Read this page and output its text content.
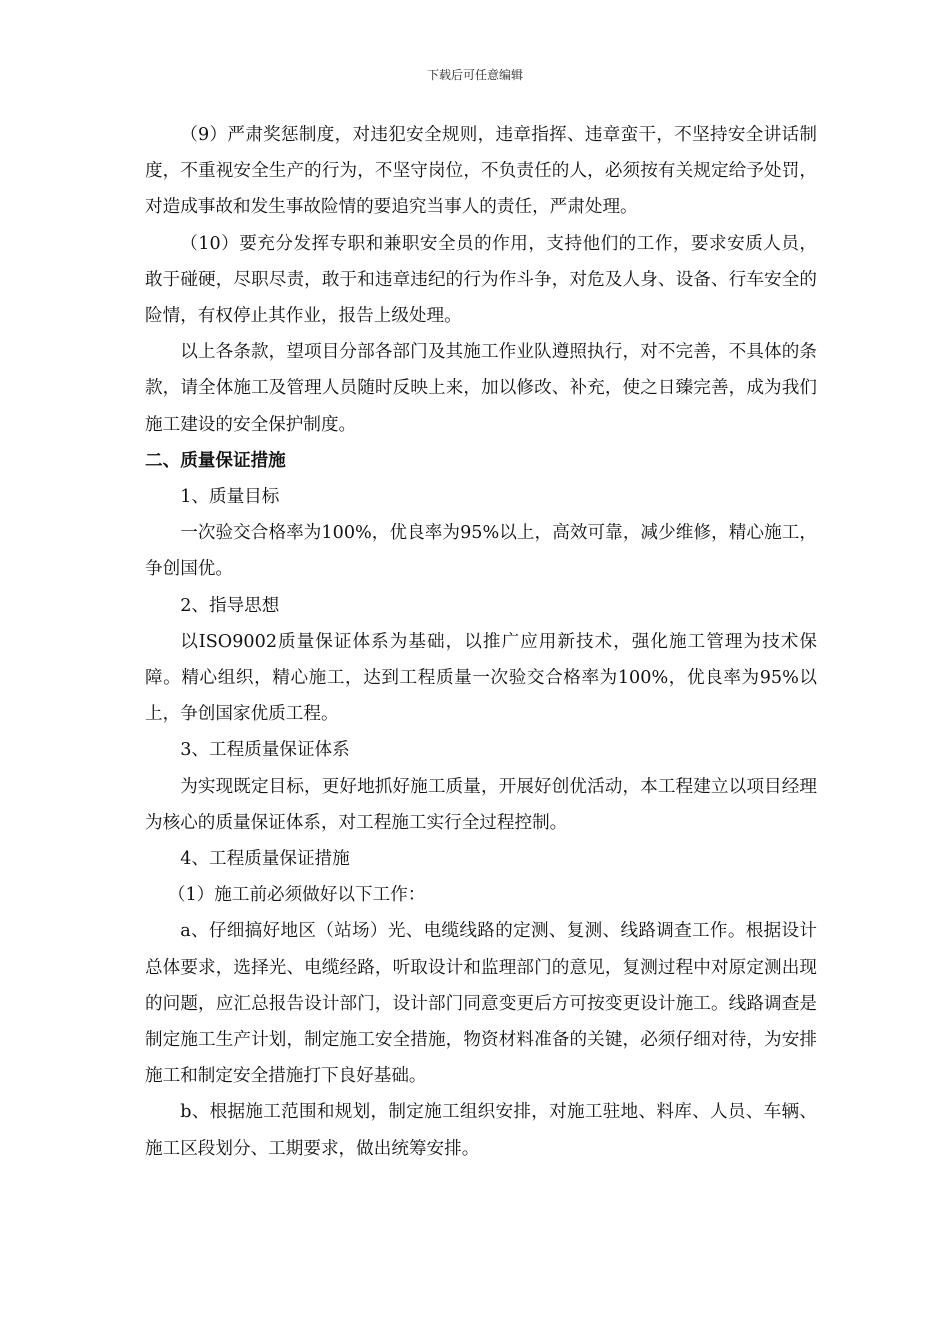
下载后可任意编辑

（9）严肃奖惩制度，对违犯安全规则，违章指挥、违章蛮干，不坚持安全讲话制度，不重视安全生产的行为，不坚守岗位，不负责任的人，必须按有关规定给予处罚，对造成事故和发生事故险情的要追究当事人的责任，严肃处理。

（10）要充分发挥专职和兼职安全员的作用，支持他们的工作，要求安质人员，敢于碰硬，尽职尽责，敢于和违章违纪的行为作斗争，对危及人身、设备、行车安全的险情，有权停止其作业，报告上级处理。

以上各条款，望项目分部各部门及其施工作业队遵照执行，对不完善，不具体的条款，请全体施工及管理人员随时反映上来，加以修改、补充，使之日臻完善，成为我们施工建设的安全保护制度。

二、质量保证措施

1、质量目标

一次验交合格率为100%，优良率为95%以上，高效可靠，减少维修，精心施工，争创国优。

2、指导思想

以ISO9002质量保证体系为基础，以推广应用新技术，强化施工管理为技术保障。精心组织，精心施工，达到工程质量一次验交合格率为100%，优良率为95%以上，争创国家优质工程。

3、工程质量保证体系

为实现既定目标，更好地抓好施工质量，开展好创优活动，本工程建立以项目经理为核心的质量保证体系，对工程施工实行全过程控制。

4、工程质量保证措施

（1）施工前必须做好以下工作：

a、仔细搞好地区（站场）光、电缆线路的定测、复测、线路调查工作。根据设计总体要求，选择光、电缆经路，听取设计和监理部门的意见，复测过程中对原定测出现的问题，应汇总报告设计部门，设计部门同意变更后方可按变更设计施工。线路调查是制定施工生产计划，制定施工安全措施，物资材料准备的关键，必须仔细对待，为安排施工和制定安全措施打下良好基础。

b、根据施工范围和规划，制定施工组织安排，对施工驻地、料库、人员、车辆、施工区段划分、工期要求，做出统筹安排。
